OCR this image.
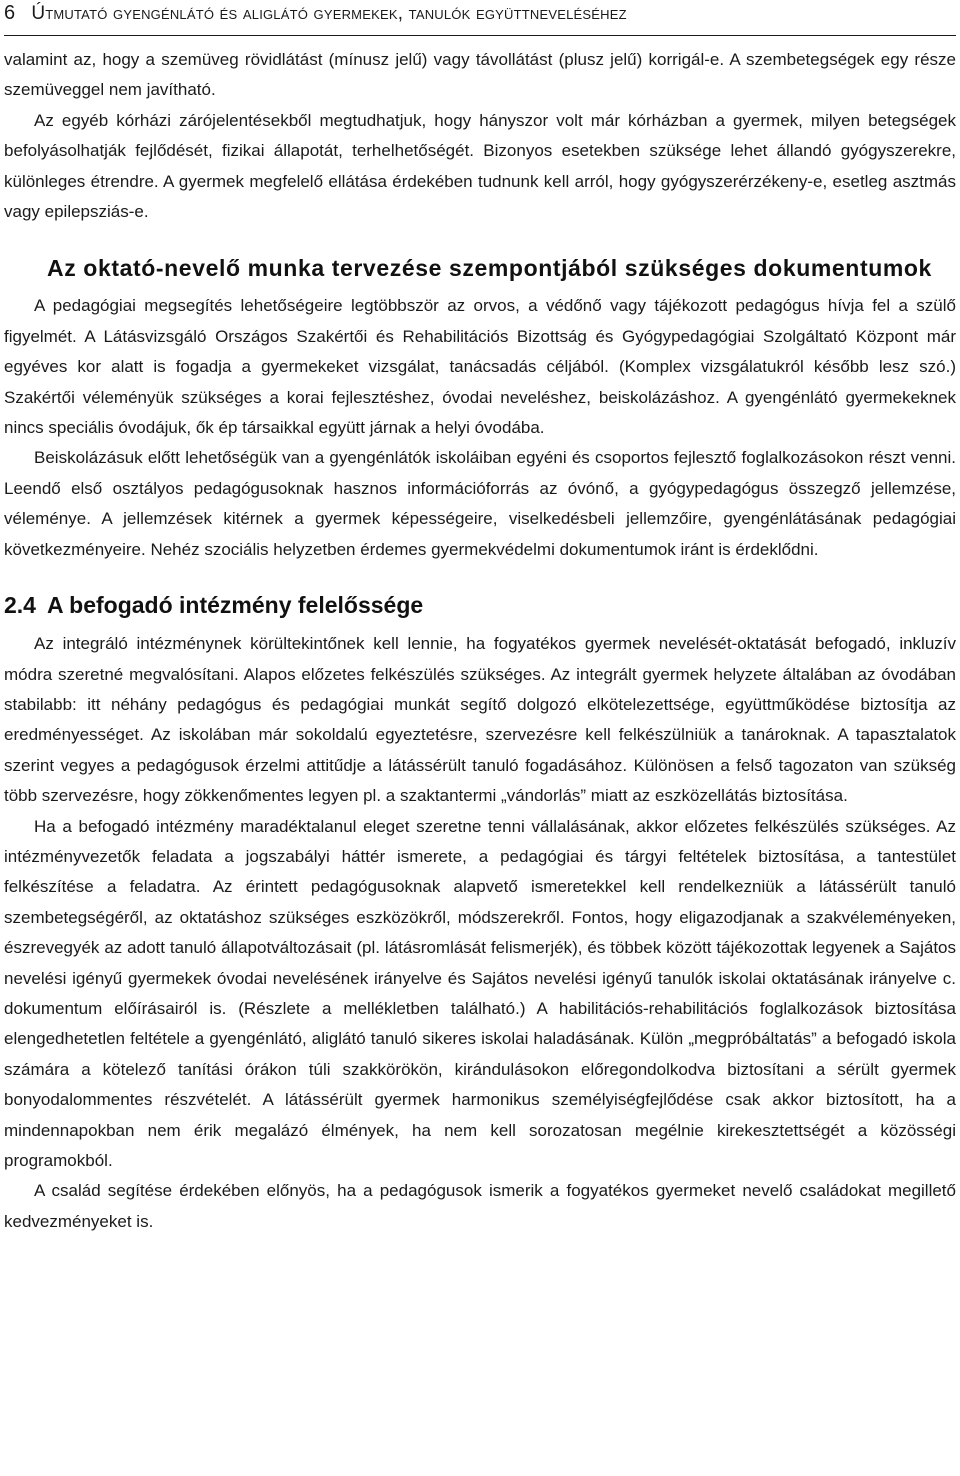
6 Útmutató gyengénlátó és aliglátó gyermekek, tanulók együttneveléséhez

valamint az, hogy a szemüveg rövidlátást (mínusz jelű) vagy távollátást (plusz jelű) korrigál-e. A szembetegségek egy része szemüveggel nem javítható.

Az egyéb kórházi zárójelentésekből megtudhatjuk, hogy hányszor volt már kórházban a gyermek, milyen betegségek befolyásolhatják fejlődését, fizikai állapotát, terhelhetőségét. Bizonyos esetekben szüksége lehet állandó gyógyszerekre, különleges étrendre. A gyermek megfelelő ellátása érdekében tudnunk kell arról, hogy gyógyszerérzékeny-e, esetleg asztmás vagy epilepsziás-e.

Az oktató-nevelő munka tervezése szempontjából szükséges dokumentumok

A pedagógiai megsegítés lehetőségeire legtöbbször az orvos, a védőnő vagy tájékozott pedagógus hívja fel a szülő figyelmét. A Látásvizsgáló Országos Szakértői és Rehabilitációs Bizottság és Gyógypedagógiai Szolgáltató Központ már egyéves kor alatt is fogadja a gyermekeket vizsgálat, tanácsadás céljából. (Komplex vizsgálatukról később lesz szó.) Szakértői véleményük szükséges a korai fejlesztéshez, óvodai neveléshez, beiskolázáshoz. A gyengénlátó gyermekeknek nincs speciális óvodájuk, ők ép társaikkal együtt járnak a helyi óvodába.

Beiskolázásuk előtt lehetőségük van a gyengénlátók iskoláiban egyéni és csoportos fejlesztő foglalkozásokon részt venni. Leendő első osztályos pedagógusoknak hasznos információforrás az óvónő, a gyógypedagógus összegző jellemzése, véleménye. A jellemzések kitérnek a gyermek képességeire, viselkedésbeli jellemzőire, gyengénlátásának pedagógiai következményeire. Nehéz szociális helyzetben érdemes gyermekvédelmi dokumentumok iránt is érdeklődni.

2.4 A befogadó intézmény felelőssége

Az integráló intézménynek körültekintőnek kell lennie, ha fogyatékos gyermek nevelését-oktatását befogadó, inkluzív módra szeretné megvalósítani. Alapos előzetes felkészülés szükséges. Az integrált gyermek helyzete általában az óvodában stabilabb: itt néhány pedagógus és pedagógiai munkát segítő dolgozó elkötelezettsége, együttműködése biztosítja az eredményességet. Az iskolában már sokoldalú egyeztetésre, szervezésre kell felkészülniük a tanároknak. A tapasztalatok szerint vegyes a pedagógusok érzelmi attitűdje a látássérült tanuló fogadásához. Különösen a felső tagozaton van szükség több szervezésre, hogy zökkenőmentes legyen pl. a szaktantermi „vándorlás” miatt az eszközellátás biztosítása.

Ha a befogadó intézmény maradéktalanul eleget szeretne tenni vállalásának, akkor előzetes felkészülés szükséges. Az intézményvezetők feladata a jogszabályi háttér ismerete, a pedagógiai és tárgyi feltételek biztosítása, a tantestület felkészítése a feladatra. Az érintett pedagógusoknak alapvető ismeretekkel kell rendelkezniük a látássérült tanuló szembetegségéről, az oktatáshoz szükséges eszközökről, módszerekről. Fontos, hogy eligazodjanak a szakvéleményeken, észrevegyék az adott tanuló állapotváltozásait (pl. látásromlását felismerjék), és többek között tájékozottak legyenek a Sajátos nevelési igényű gyermekek óvodai nevelésének irányelve és Sajátos nevelési igényű tanulók iskolai oktatásának irányelve c. dokumentum előírásairól is. (Részlete a mellékletben található.) A habilitációs-rehabilitációs foglalkozások biztosítása elengedhetetlen feltétele a gyengénlátó, aliglátó tanuló sikeres iskolai haladásának. Külön „megpróbáltatás” a befogadó iskola számára a kötelező tanítási órákon túli szakkörökön, kirándulásokon előregondolkodva biztosítani a sérült gyermek bonyodalommentes részvételét. A látássérült gyermek harmonikus személyiségfejlődése csak akkor biztosított, ha a mindennapokban nem érik megalázó élmények, ha nem kell sorozatosan megélnie kirekesztettségét a közösségi programokból.

A család segítése érdekében előnyös, ha a pedagógusok ismerik a fogyatékos gyermeket nevelő családokat megillető kedvezményeket is.
